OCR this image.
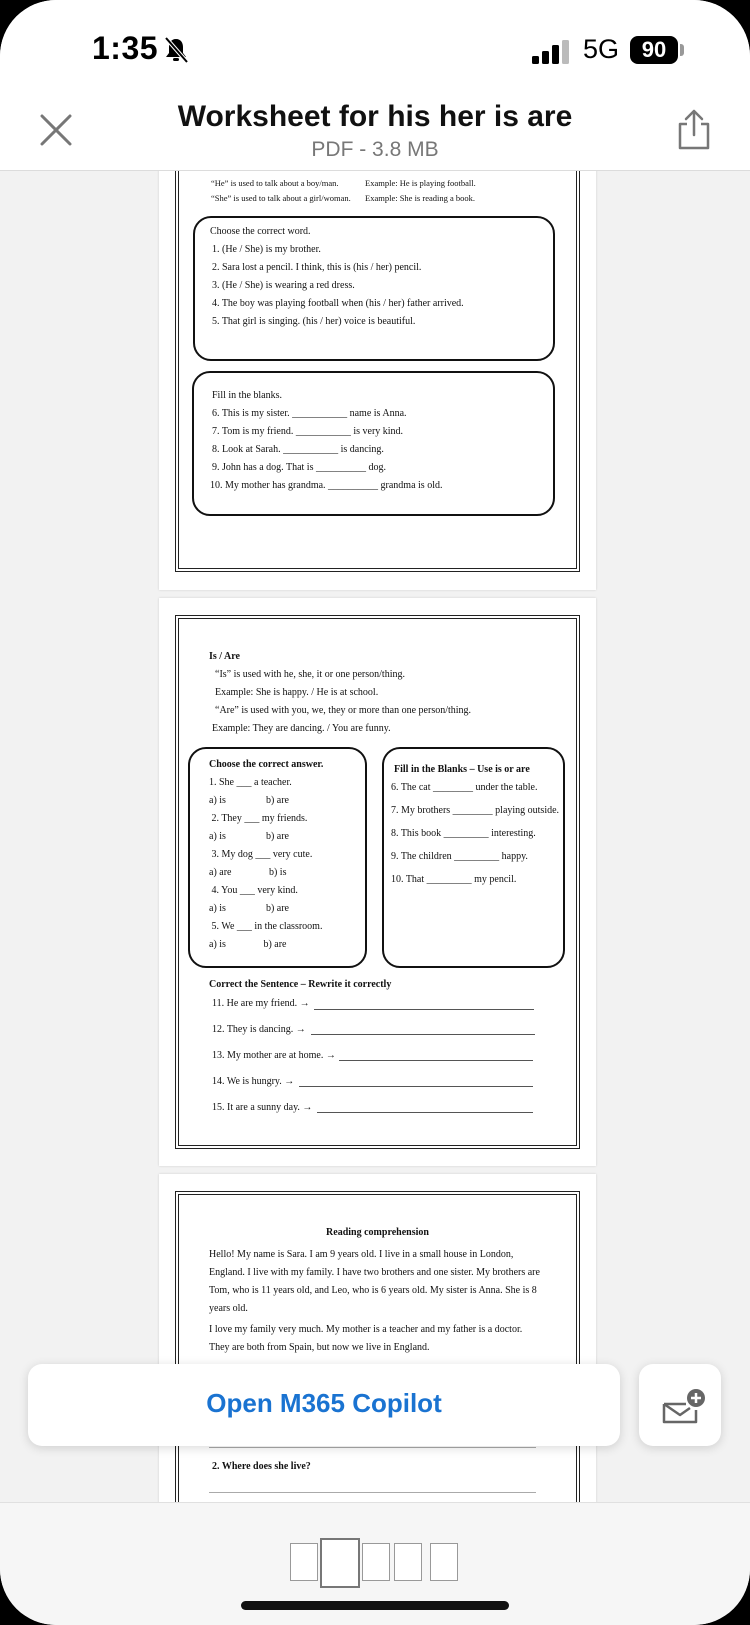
“He” is used to talk about a boy/man.	Example: He is playing football.
“She” is used to talk about a girl/woman. Example: She is reading a book.
Choose the correct word.
1. (He / She) is my brother.
2. Sara lost a pencil. I think, this is (his / her) pencil.
3. (He / She) is wearing a red dress.
4. The boy was playing football when (his / her) father arrived.
5. That girl is singing. (his / her) voice is beautiful.
Fill in the blanks.
6. This is my sister. ___________ name is Anna.
7. Tom is my friend. ___________ is very kind.
8. Look at Sarah. ___________ is dancing.
9. John has a dog. That is __________ dog.
10. My mother has grandma. __________ grandma is old.
Is / Are
“Is” is used with he, she, it or one person/thing.
Example: She is happy. / He is at school.
“Are” is used with you, we, they or more than one person/thing.
Example: They are dancing. / You are funny.
Choose the correct answer.
1. She ___ a teacher.
a) is                b) are
2. They ___ my friends.
a) is                b) are
3. My dog ___ very cute.
a) are               b) is
4. You ___ very kind.
a) is                b) are
5. We ___ in the classroom.
a) is               b) are
Fill in the Blanks – Use is or are
6. The cat ________ under the table.
7. My brothers ________ playing outside.
8. This book _________ interesting.
9. The children _________ happy.
10. That _________ my pencil.
Correct the Sentence – Rewrite it correctly
11. He are my friend. →
12. They is dancing. →
13. My mother are at home. →
14. We is hungry. →
15. It are a sunny day. →
Reading comprehension
Hello! My name is Sara. I am 9 years old. I live in a small house in London,
England. I live with my family. I have two brothers and one sister. My brothers are
Tom, who is 11 years old, and Leo, who is 6 years old. My sister is Anna. She is 8
years old.
I love my family very much. My mother is a teacher and my father is a doctor.
They are both from Spain, but now we live in England.
2. Where does she live?
1:35	5G	90
Worksheet for his her is are
PDF - 3.8 MB
Open M365 Copilot
